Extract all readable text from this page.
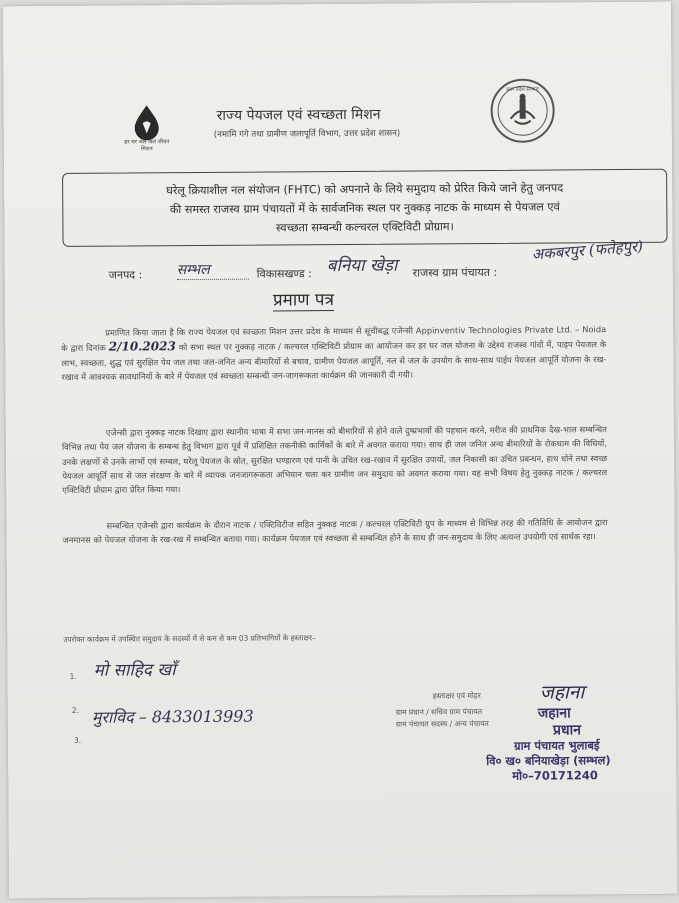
हर घर जल जल जीवन मिशन
राज्य पेयजल एवं स्वच्छता मिशन
(नमामि गंगे तथा ग्रामीण जलापूर्ति विभाग, उत्तर प्रदेश शासन)
उत्तर प्रदेश सरकार
घरेलू क्रियाशील नल संयोजन (FHTC) को अपनाने के लिये समुदाय को प्रेरित किये जाने हेतु जनपद
की समस्त राजस्व ग्राम पंचायतों में के सार्वजनिक स्थल पर नुक्कड़ नाटक के माध्यम से पेयजल एवं
स्वच्छता सम्बन्धी कल्चरल एक्टिविटी प्रोग्राम।
जनपद : सम्भल	विकासखण्ड : बनिया खेड़ा	राजस्व ग्राम पंचायत :
अकबरपुर (फतेहपुर)
प्रमाण पत्र
प्रमाणित किया जाता है कि राज्य पेयजल एवं स्वच्छता मिशन उत्तर प्रदेश के माध्यम से सूचीबद्ध एजेन्सी Appinventiv Technologies Private Ltd. – Noida के द्वारा दिनांक 2/10.2023 को सभा स्थल पर नुक्कड़ नाटक / कल्चरल एक्टिविटी प्रोग्राम का आयोजन कर हर घर जल योजना के उद्देश्य राजस्व गांवों में, पाइप पेयजल के लाभ, स्वच्छता, शुद्ध एवं सुरक्षित पेय जल तथा जल-जनित अन्य बीमारियों से बचाव, ग्रामीण पेयजल आपूर्ति, नल से जल के उपयोग के साथ-साथ पाईप पेयजल आपूर्ति योजना के रख-रखाव में आवश्यक सावधानियों के बारे में पेयजल एवं स्वच्छता सम्बन्धी जन-जागरूकता कार्यक्रम की जानकारी दी गयी।
एजेन्सी द्वारा नुक्कड़ नाटक दिखाए द्वारा स्थानीय भाषा में सभा जन-मानस को बीमारियों से होने वाले दुष्प्रभावों की पहचान करने, मरीज की प्राथमिक देख-भाल सम्बन्धित विभिन्न तथा पेय जल योजना के सम्बन्ध हेतु विभाग द्वारा पूर्व में प्रशिक्षित तकनीकी कार्मिकों के बारे में अवगत कराया गया। साथ ही जल जनित अन्य बीमारियों के रोकथाम की विधियों, उनके लक्षणों से उनके लाभों एवं सम्बल, घरेलू पेयजल के स्रोत, सुरक्षित भण्डारण एवं पानी के उचित रख-रखाव में सुरक्षित उपायों, जल निकासी का उचित प्रबन्धन, हाथ धोने तथा स्वच्छ पेयजल आपूर्ति साथ से जल संरक्षण के बारे में व्यापक जनजागरूकता अभियान चला कर ग्रामीण जन समुदाय को अवगत कराया गया। यह सभी विषय हेतु नुक्कड़ नाटक / कल्चरल एक्टिविटी प्रोग्राम द्वारा प्रेरित किया गया।
सम्बन्धित एजेन्सी द्वारा कार्यक्रम के दौरान नाटक / एक्टिविटीज सहित नुक्कड़ नाटक / कल्चरल एक्टिविटी ग्रुप के माध्यम से विभिन्न तरह की गतिविधि के आयोजन द्वारा जनमानस को पेयजल योजना के रख-रख में सम्बन्धित बताया गया। कार्यक्रम पेयजल एवं स्वच्छता से सम्बन्धित होने के साथ ही जन-समुदाय के लिए अत्यन्त उपयोगी एवं सार्थक रहा।
उपरोक्त कार्यक्रम में उपस्थित समुदाय के सदस्यों में से कम से कम 03 प्रतिभागियों के हस्ताक्षर–
1. मो साहिद खाँ
2. मुराविद – 8433013993
3.
हस्ताक्षर एवं मोहर
ग्राम प्रधान / सचिव ग्राम पंचायत
ग्राम पंचायत सदस्य / अन्य पंचायत
जहाना
जहाना
प्रधान
ग्राम पंचायत भुलाबई
वि० ख० बनियाखेड़ा (सम्भल)
मो०–70171240
